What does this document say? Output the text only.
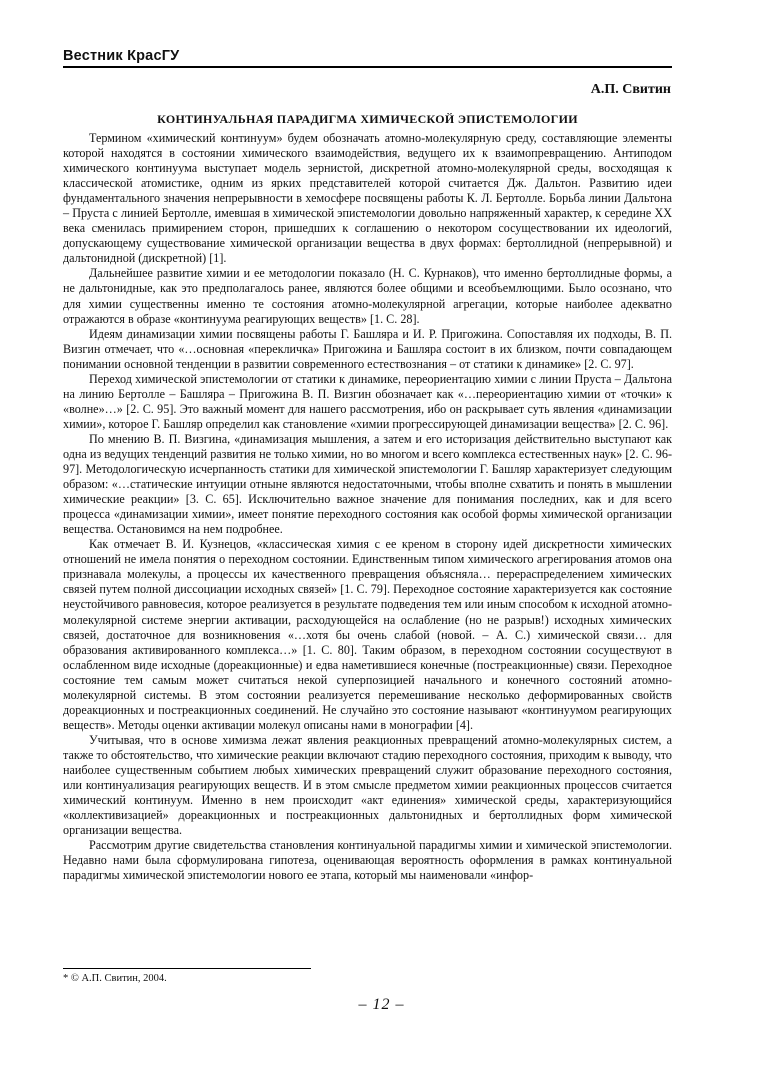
Вестник КрасГУ
А.П. Свитин
КОНТИНУАЛЬНАЯ ПАРАДИГМА ХИМИЧЕСКОЙ ЭПИСТЕМОЛОГИИ

Термином «химический континуум» будем обозначать атомно-молекулярную среду, составляющие элементы которой находятся в состоянии химического взаимодействия, ведущего их к взаимопревращению. Антиподом химического континуума выступает модель зернистой, дискретной атомно-молекулярной среды, восходящая к классической атомистике, одним из ярких представителей которой считается Дж. Дальтон. Развитию идеи фундаментального значения непрерывности в хемосфере посвящены работы К. Л. Бертолле. Борьба линии Дальтона – Пруста с линией Бертолле, имевшая в химической эпистемологии довольно напряженный характер, к середине XX века сменилась примирением сторон, пришедших к соглашению о некотором сосуществовании их идеологий, допускающему существование химической организации вещества в двух формах: бертоллидной (непрерывной) и дальтонидной (дискретной) [1].

Дальнейшее развитие химии и ее методологии показало (Н. С. Курнаков), что именно бертоллидные формы, а не дальтонидные, как это предполагалось ранее, являются более общими и всеобъемлющими. Было осознано, что для химии существенны именно те состояния атомно-молекулярной агрегации, которые наиболее адекватно отражаются в образе «континуума реагирующих веществ» [1. С. 28].

Идеям динамизации химии посвящены работы Г. Башляра и И. Р. Пригожина. Сопоставляя их подходы, В. П. Визгин отмечает, что «…основная «перекличка» Пригожина и Башляра состоит в их близком, почти совпадающем понимании основной тенденции в развитии современного естествознания – от статики к динамике» [2. С. 97].

Переход химической эпистемологии от статики к динамике, переориентацию химии с линии Пруста – Дальтона на линию Бертолле – Башляра – Пригожина В. П. Визгин обозначает как «…переориентацию химии от «точки» к «волне»…» [2. С. 95]. Это важный момент для нашего рассмотрения, ибо он раскрывает суть явления «динамизации химии», которое Г. Башляр определил как становление «химии прогрессирующей динамизации вещества» [2. С. 96].

По мнению В. П. Визгина, «динамизация мышления, а затем и его историзация действительно выступают как одна из ведущих тенденций развития не только химии, но во многом и всего комплекса естественных наук» [2. С. 96-97]. Методологическую исчерпанность статики для химической эпистемологии Г. Башляр характеризует следующим образом: «…статические интуиции отныне являются недостаточными, чтобы вполне схватить и понять в мышлении химические реакции» [3. С. 65]. Исключительно важное значение для понимания последних, как и для всего процесса «динамизации химии», имеет понятие переходного состояния как особой формы химической организации вещества. Остановимся на нем подробнее.

Как отмечает В. И. Кузнецов, «классическая химия с ее креном в сторону идей дискретности химических отношений не имела понятия о переходном состоянии. Единственным типом химического агрегирования атомов она признавала молекулы, а процессы их качественного превращения объясняла… перераспределением химических связей путем полной диссоциации исходных связей» [1. С. 79]. Переходное состояние характеризуется как состояние неустойчивого равновесия, которое реализуется в результате подведения тем или иным способом к исходной атомно-молекулярной системе энергии активации, расходующейся на ослабление (но не разрыв!) исходных химических связей, достаточное для возникновения «…хотя бы очень слабой (новой. – А. С.) химической связи… для образования активированного комплекса…» [1. С. 80]. Таким образом, в переходном состоянии сосуществуют в ослабленном виде исходные (дореакционные) и едва наметившиеся конечные (постреакционные) связи. Переходное состояние тем самым может считаться некой суперпозицией начального и конечного состояний атомно-молекулярной системы. В этом состоянии реализуется перемешивание несколько деформированных свойств дореакционных и постреакционных соединений. Не случайно это состояние называют «континуумом реагирующих веществ». Методы оценки активации молекул описаны нами в монографии [4].

Учитывая, что в основе химизма лежат явления реакционных превращений атомно-молекулярных систем, а также то обстоятельство, что химические реакции включают стадию переходного состояния, приходим к выводу, что наиболее существенным событием любых химических превращений служит образование переходного состояния, или континуализация реагирующих веществ. И в этом смысле предметом химии реакционных процессов считается химический континуум. Именно в нем происходит «акт единения» химической среды, характеризующийся «коллективизацией» дореакционных и постреакционных дальтонидных и бертоллидных форм химической организации вещества.

Рассмотрим другие свидетельства становления континуальной парадигмы химии и химической эпистемологии. Недавно нами была сформулирована гипотеза, оценивающая вероятность оформления в рамках континуальной парадигмы химической эпистемологии нового ее этапа, который мы наименовали «инфор-

* © А.П. Свитин, 2004.
– 12 –
